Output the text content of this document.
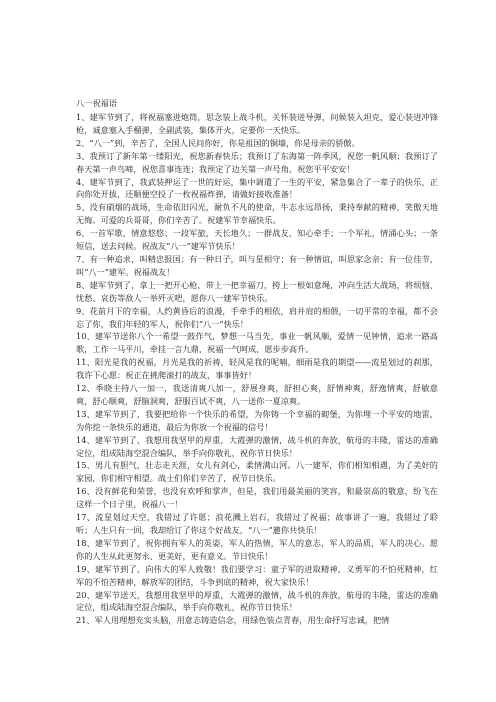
八一祝福语

1、建军节到了，将祝福塞进炮筒，思念装上战斗机，关怀装进导弹，问候装入坦克，爱心装进冲锋枪，诚意塞入手榴弹，全副武装，集体开火，定要你一天快乐。

2、“八一”到，辛苦了，全国人民问你好，你是祖国的铜墙，你是母亲的骄傲。

3、我预订了新年第一缕阳光，祝您新春快乐；我预订了东海第一阵季风，祝您一帆风顺；我预订了春天第一声鸟啼，祝您喜事连连；我预定了边关第一声号角，祝您平平安安！

4、建军节到了，我武装押运了一世的好运，集中调遣了一生的平安，紧急集合了一辈子的快乐，正向你处开拔，还顺便空投了一枚祝福炸弹，请做好接收准备！

5、没有硝烟的战场，生命依旧闪光，耐负不凡的使命，牛志永远昂扬，秉持奉献的精神，笑傲天地无悔。可爱的兵哥哥，你们辛苦了。祝建军节幸福快乐。

6、一首军歌，情意悠悠；一段军旅，天长地久；一群战友，知心牵手；一个军礼，情涌心头；一条短信，送去问候。祝战友“八一”建军节快乐！

7、有一种追求，叫精忠报国；有一种日子，叫与星相守；有一种情谊，叫思家念亲；有一位佳节，叫“八一”建军。祝福战友！

8、建军节到了，拿上一把开心枪，带上一把幸福刀，挎上一根如意绳，冲向生活大战场，将烦恼、忧愁、哀伤等敌人一举歼灭吧，愿你八一建军节快乐。

9、花前月下的幸福，人约黄昏后的浪漫，手牵手的相依，肩并肩的相偎，一切平常的幸福，都不会忘了你，我们年轻的军人，祝你们“八一”快乐！

10、建军节送你八个一希望一鼓作气，梦想一马当先，事业一帆风顺，爱情一见钟情，追求一路高歌，工作一马平川，牵挂一言九鼎，祝福一气呵成，愿步步高升。

11、阳光是我的祝福，月光是我的祈祷，轻风是我的呢喃，细雨是我的期望——流星划过的刹那，我许下心愿：祝正在挑爬滚打的战友，事事皆好！

12、季晓主持八一加一，我送清爽八加一，舒展身爽，舒担心爽，舒情神爽，舒逸情爽，舒敏意爽，舒心顺爽，舒脑洞爽，舒服百试不爽，八一送你一夏凉爽。

13、建军节到了，我要把给你一个快乐的希望，为你铸一个幸福的砌堡，为你埋一个平安的地雷，为你挖一条快乐的通道，最后为你放一个祝福的信号！

14、建军节到了，我想用我坚甲的厚重，大霞弹的激情，战斗机的奔放，航母的丰隆，雷达的准确定位，组成陆海空混合编队，举手向你敬礼，祝你节日快乐！

15、男儿有胆气，壮志走天涯，女儿有剑心，柔情满山河。八一建军，你们相知相遇，为了美好的家园，你们相守相望。战士们你们辛苦了，祝节日快乐。

16、没有鲜花和荣誉，也没有欢呼和掌声，但是，我们用最美丽的笑容，和最崇高的敬意，纷飞在这样一个日子里，祝福八一！

17、流星划过天空，我错过了许愿；浪花溅上岩石，我错过了祝福；故事讲了一遍，我错过了聆听；人生只有一回，我却给订了你这个好战友，“八一”邀你共快乐！

18、建军节到了，祝你拥有军人的英姿，军人的热情，军人的意志，军人的品质，军人的决心。愿你的人生从此更努永、更美好，更有意义。节日快乐！

19、建军节到了，向伟大的军人致敬！我们要学习：童子军的进取精神，义勇军的不怕死精神，红军的不怕苦精神，解放军的团结，斗争到底的精神，祝大家快乐！

20、建军节送天，我想用我坚甲的厚重，大霞弹的激情，战斗机的奔放，航母的丰隆，雷达的准确定位，组成陆海空混合编队，举手向你敬礼，祝你节日快乐！

21、军人用理想充实头脑，用意志铸造信念，用绿色装点青春，用生命抒写忠诚，把情
